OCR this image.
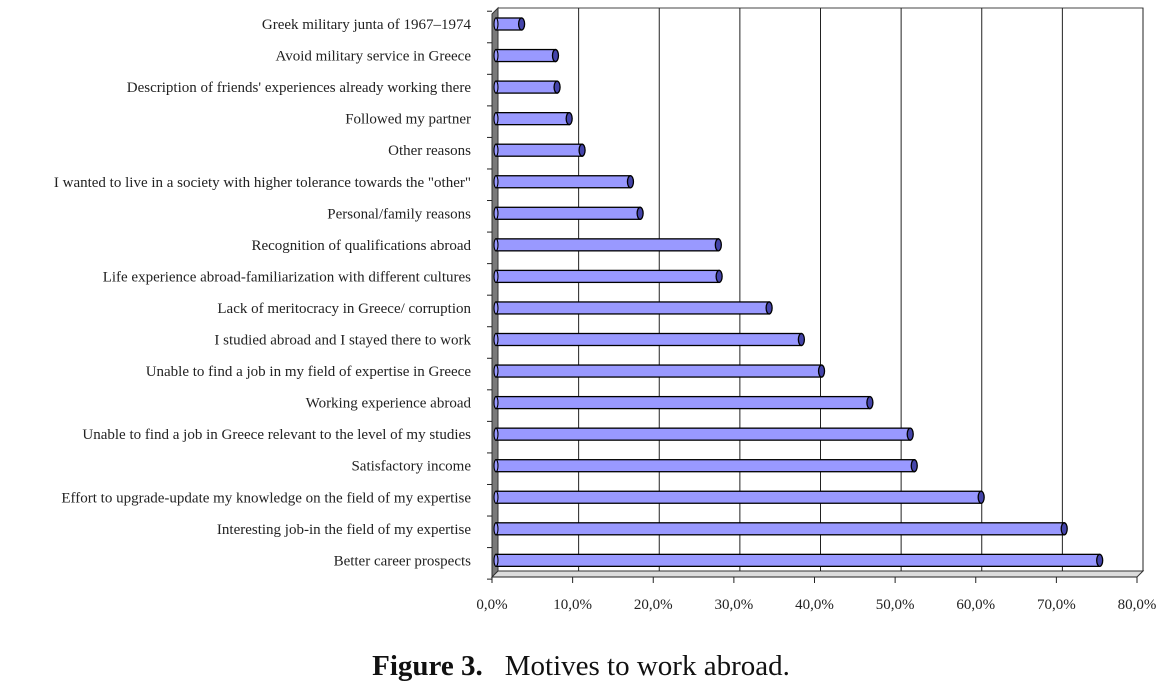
Greek military junta of 1967–1974
Avoid military service in Greece
Description of friends' experiences already working there
Followed my partner
Other reasons
I wanted to live in a society with higher tolerance towards the "other"
Personal/family reasons
Recognition of qualifications abroad
Life experience abroad-familiarization with different cultures
Lack of meritocracy in Greece/ corruption
I studied abroad and I stayed there to work
Unable to find a job in my field of expertise in Greece
Working experience abroad
Unable to find a job in Greece relevant to the level of my studies
Satisfactory income
Effort to upgrade-update my knowledge on the field of my expertise
Interesting job-in the field of my expertise
Better career prospects
0,0%	10,0%	20,0%	30,0%	40,0%	50,0%	60,0%	70,0%	80,0%
Figure 3. Motives to work abroad.
